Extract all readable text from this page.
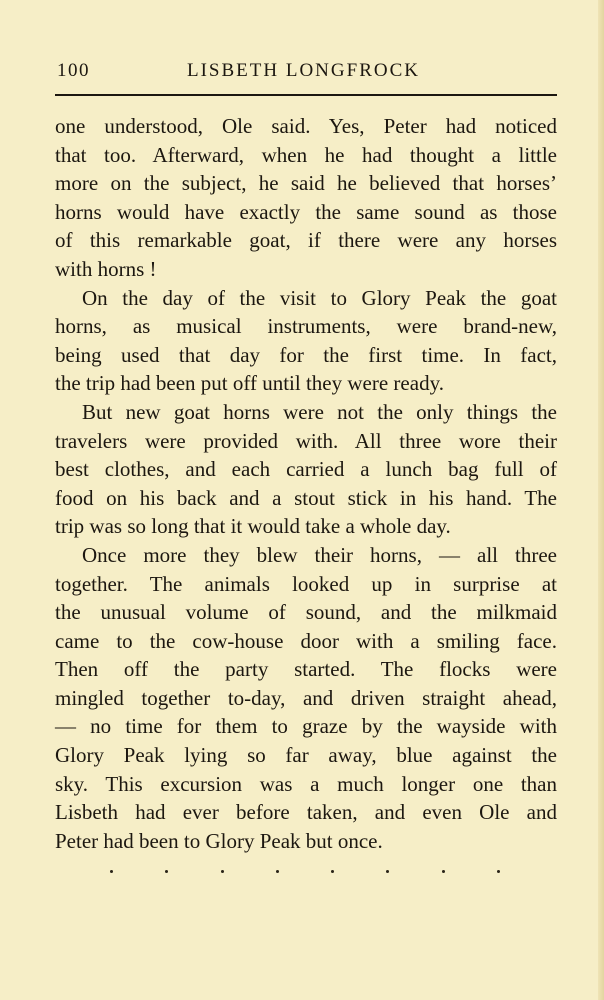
100	LISBETH LONGFROCK
one understood, Ole said. Yes, Peter had noticed
that too. Afterward, when he had thought a little
more on the subject, he said he believed that horses’
horns would have exactly the same sound as those
of this remarkable goat, if there were any horses
with horns !
On the day of the visit to Glory Peak the goat
horns, as musical instruments, were brand-new,
being used that day for the first time. In fact,
the trip had been put off until they were ready.
But new goat horns were not the only things the
travelers were provided with. All three wore their
best clothes, and each carried a lunch bag full of
food on his back and a stout stick in his hand. The
trip was so long that it would take a whole day.
Once more they blew their horns, — all three
together. The animals looked up in surprise at
the unusual volume of sound, and the milkmaid
came to the cow-house door with a smiling face.
Then off the party started. The flocks were
mingled together to-day, and driven straight ahead,
— no time for them to graze by the wayside with
Glory Peak lying so far away, blue against the
sky. This excursion was a much longer one than
Lisbeth had ever before taken, and even Ole and
Peter had been to Glory Peak but once.
